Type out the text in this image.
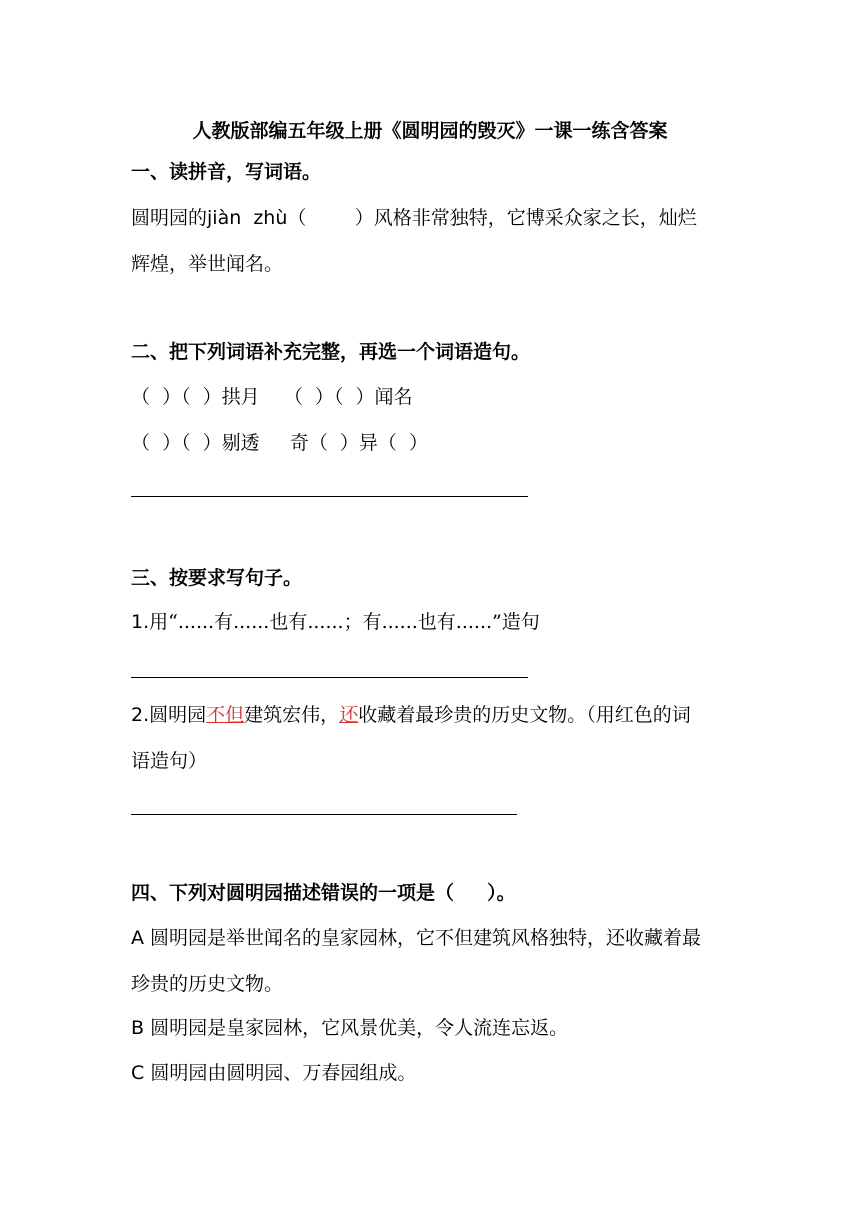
人教版部编五年级上册《圆明园的毁灭》一课一练含答案
一、读拼音，写词语。
圆明园的jiàn  zhù（        ）风格非常独特，它博采众家之长，灿烂
辉煌，举世闻名。
二、把下列词语补充完整，再选一个词语造句。
（  ）（  ）拱月    （  ）（  ）闻名
（  ）（  ）剔透     奇（  ）异（  ）
三、按要求写句子。
1.用“......有......也有......；有......也有......”造句
2.圆明园不但建筑宏伟，还收藏着最珍贵的历史文物。（用红色的词
语造句）
四、下列对圆明园描述错误的一项是（     ）。
A 圆明园是举世闻名的皇家园林，它不但建筑风格独特，还收藏着最
珍贵的历史文物。
B 圆明园是皇家园林，它风景优美，令人流连忘返。
C 圆明园由圆明园、万春园组成。
